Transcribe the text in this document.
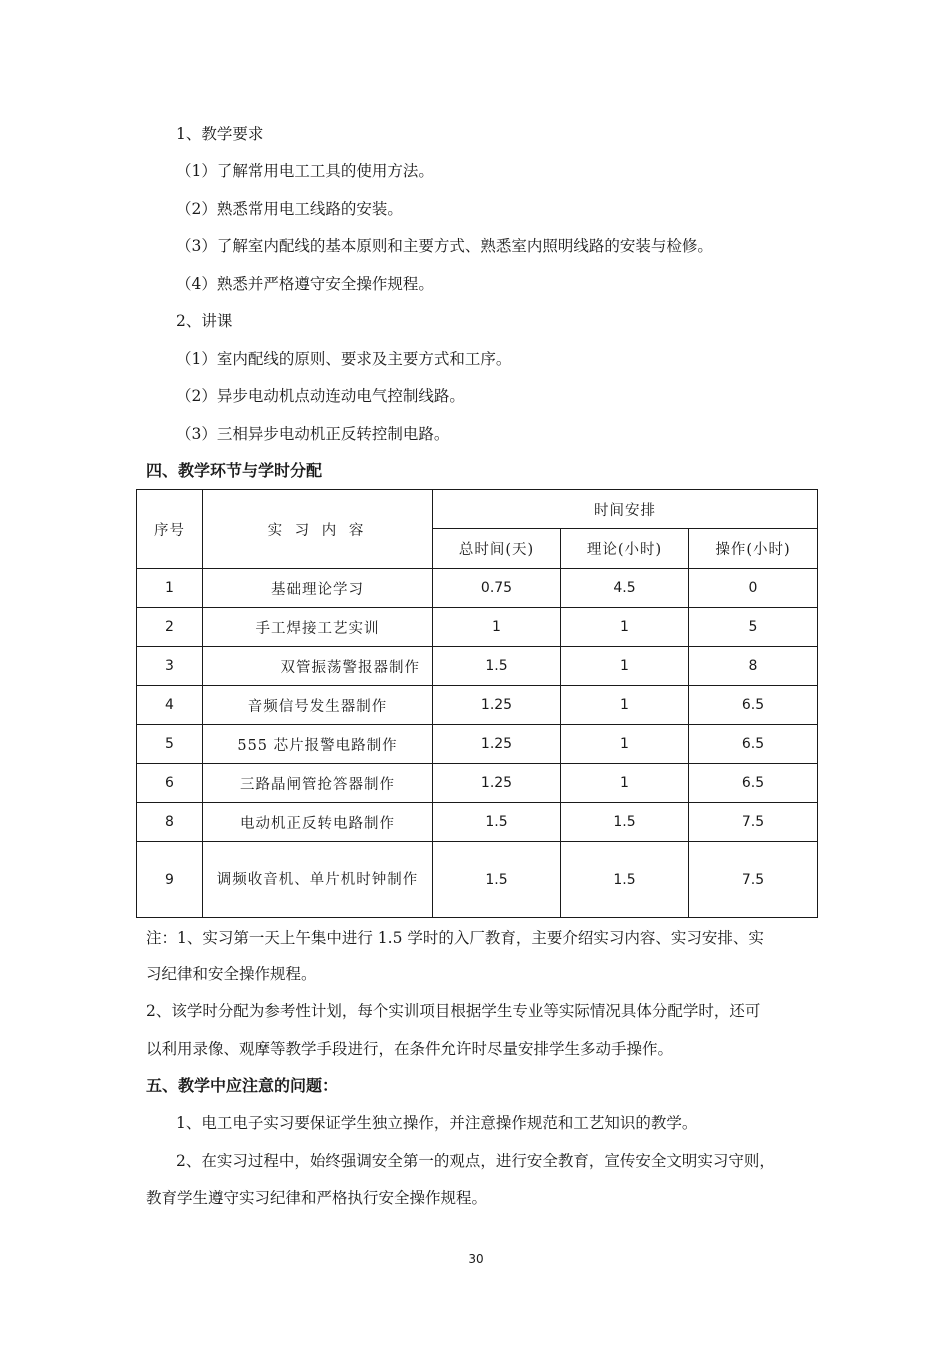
1、教学要求
（1）了解常用电工工具的使用方法。
（2）熟悉常用电工线路的安装。
（3）了解室内配线的基本原则和主要方式、熟悉室内照明线路的安装与检修。
（4）熟悉并严格遵守安全操作规程。
2、讲课
（1）室内配线的原则、要求及主要方式和工序。
（2）异步电动机点动连动电气控制线路。
（3）三相异步电动机正反转控制电路。
四、教学环节与学时分配
序号	实 习 内 容	时间安排		
		总时间(天)	理论(小时)	操作(小时)
1	基础理论学习	0.75	4.5	0
2	手工焊接工艺实训	1	1	5
3	双管振荡警报器制作	1.5	1	8
4	音频信号发生器制作	1.25	1	6.5
5	555 芯片报警电路制作	1.25	1	6.5
6	三路晶闸管抢答器制作	1.25	1	6.5
8	电动机正反转电路制作	1.5	1.5	7.5
9	调频收音机、单片机时钟制作	1.5	1.5	7.5
注：1、实习第一天上午集中进行 1.5 学时的入厂教育，主要介绍实习内容、实习安排、实
习纪律和安全操作规程。
2、该学时分配为参考性计划，每个实训项目根据学生专业等实际情况具体分配学时，还可
以利用录像、观摩等教学手段进行，在条件允许时尽量安排学生多动手操作。
五、教学中应注意的问题：
1、电工电子实习要保证学生独立操作，并注意操作规范和工艺知识的教学。
2、在实习过程中，始终强调安全第一的观点，进行安全教育，宣传安全文明实习守则，
教育学生遵守实习纪律和严格执行安全操作规程。
30
